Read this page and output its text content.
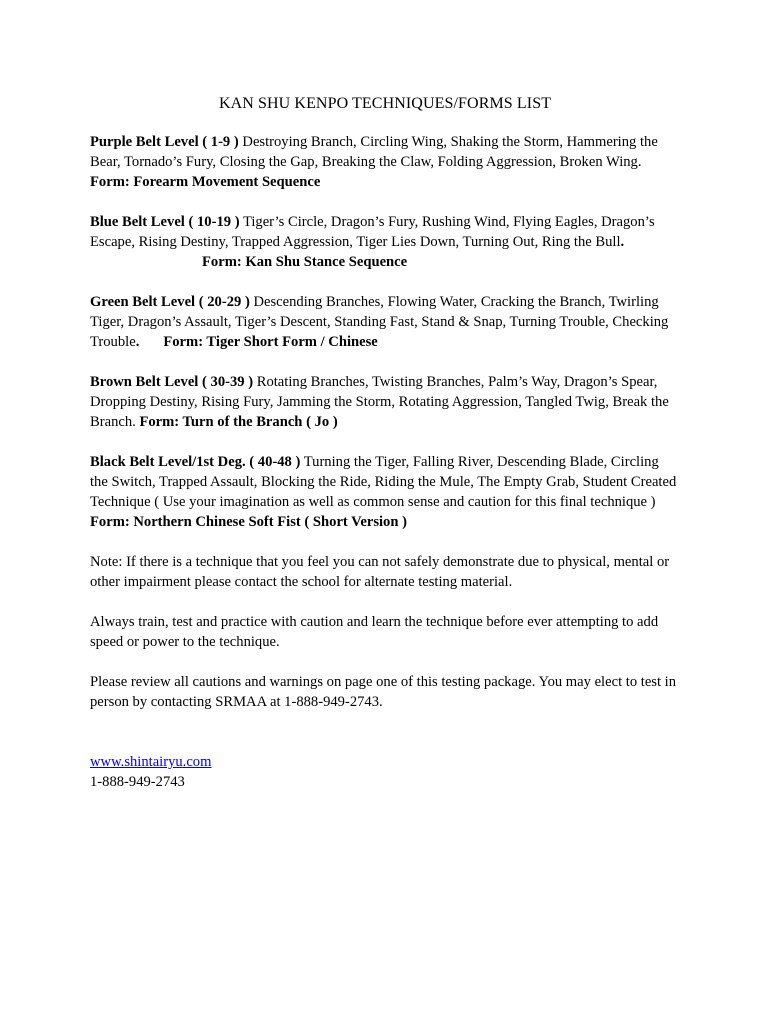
KAN SHU KENPO TECHNIQUES/FORMS LIST

Purple Belt Level ( 1-9 ) Destroying Branch, Circling Wing, Shaking the Storm, Hammering the Bear, Tornado’s Fury, Closing the Gap, Breaking the Claw, Folding Aggression, Broken Wing.Form: Forearm Movement Sequence

Blue Belt Level ( 10-19 ) Tiger’s Circle, Dragon’s Fury, Rushing Wind, Flying Eagles, Dragon’s Escape, Rising Destiny, Trapped Aggression, Tiger Lies Down, Turning Out, Ring the Bull.Form: Kan Shu Stance Sequence

Green Belt Level ( 20-29 ) Descending Branches, Flowing Water, Cracking the Branch, Twirling Tiger, Dragon’s Assault, Tiger’s Descent, Standing Fast, Stand & Snap, Turning Trouble, Checking Trouble. Form: Tiger Short Form / Chinese

Brown Belt Level ( 30-39 ) Rotating Branches, Twisting Branches, Palm’s Way, Dragon’s Spear, Dropping Destiny, Rising Fury, Jamming the Storm, Rotating Aggression, Tangled Twig, Break the Branch. Form: Turn of the Branch ( Jo )

Black Belt Level/1st Deg. ( 40-48 ) Turning the Tiger, Falling River, Descending Blade, Circling the Switch, Trapped Assault, Blocking the Ride, Riding the Mule, The Empty Grab, Student Created Technique ( Use your imagination as well as common sense and caution for this final technique )Form: Northern Chinese Soft Fist ( Short Version )

Note: If there is a technique that you feel you can not safely demonstrate due to physical, mental or other impairment please contact the school for alternate testing material.

Always train, test and practice with caution and learn the technique before ever attempting to add speed or power to the technique.

Please review all cautions and warnings on page one of this testing package. You may elect to test in person by contacting SRMAA at 1-888-949-2743.

www.shintairyu.com
1-888-949-2743
